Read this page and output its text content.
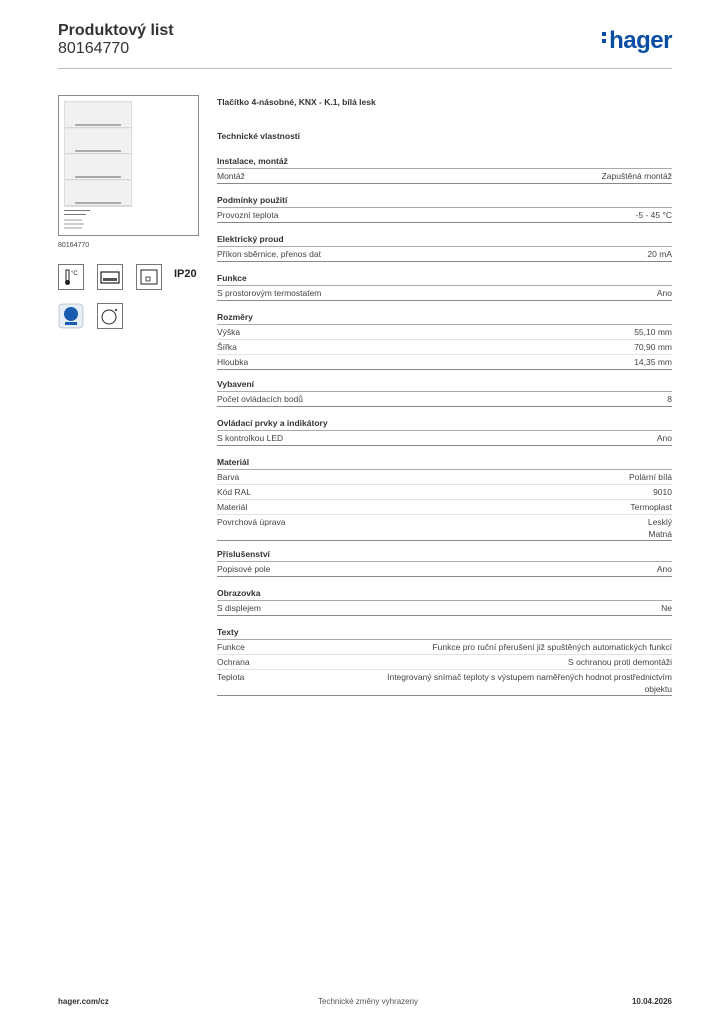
Produktový list
80164770	hager
80164770
°C	IP20
Tlačítko 4-násobné, KNX - K.1, bílá lesk
Technické vlastnosti
Instalace, montáž
Montáž	Zapuštěná montáž
Podmínky použití
Provozní teplota	-5 - 45 °C
Elektrický proud
Příkon sběrnice, přenos dat	20 mA
Funkce
S prostorovým termostatem	Ano
Rozměry
Výška	55,10 mm
Šířka	70,90 mm
Hloubka	14,35 mm
Vybavení
Počet ovládacích bodů	8
Ovládací prvky a indikátory
S kontrolkou LED	Ano
Materiál
Barva	Polární bílá
Kód RAL	9010
Materiál	Termoplast
Povrchová úprava	Lesklý
Matná
Příslušenství
Popisové pole	Ano
Obrazovka
S displejem	Ne
Texty
Funkce	Funkce pro ruční přerušení již spuštěných automatických funkcí
Ochrana	S ochranou proti demontáži
Teplota	Integrovaný snímač teploty s výstupem naměřených hodnot prostřednictvím
objektu
hager.com/cz	Technické změny vyhrazeny	10.04.2026
